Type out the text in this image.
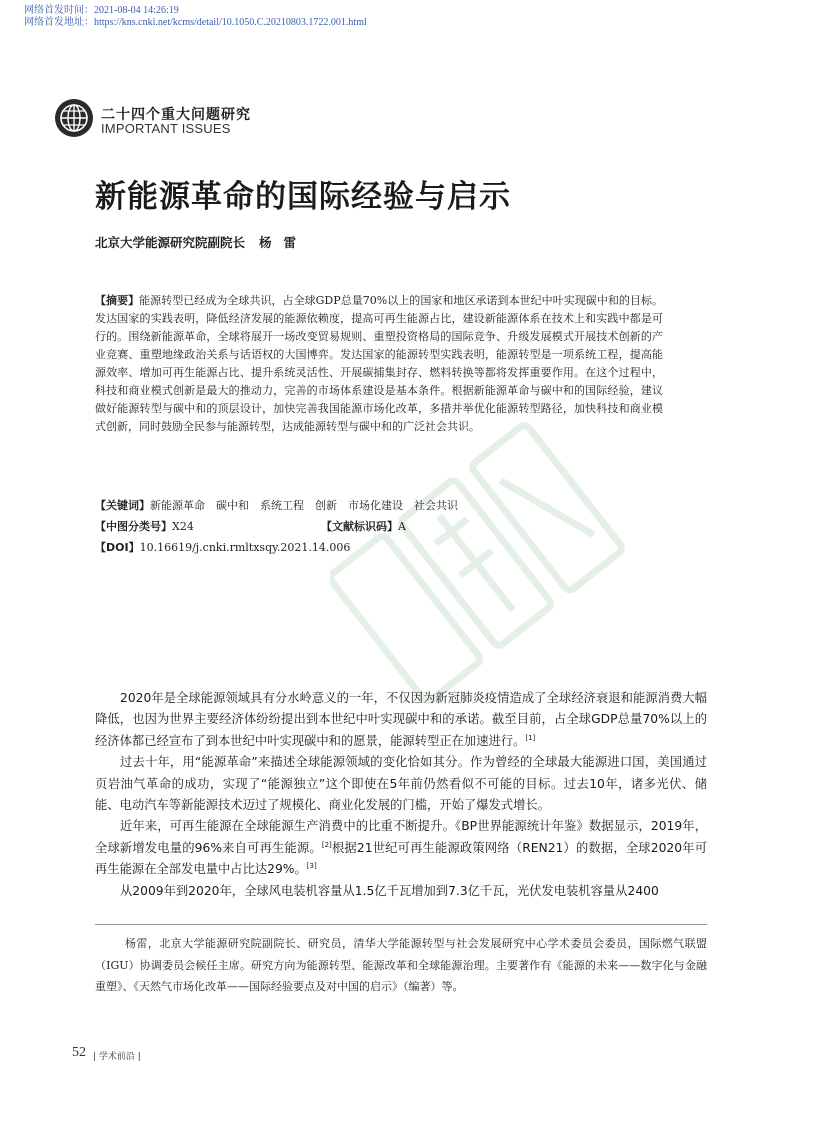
网络首发时间：2021-08-04 14:26:19
网络首发地址：https://kns.cnki.net/kcms/detail/10.1050.C.20210803.1722.001.html
二十四个重大问题研究
IMPORTANT ISSUES
新能源革命的国际经验与启示
北京大学能源研究院副院长 杨雷

【摘要】能源转型已经成为全球共识，占全球GDP总量70%以上的国家和地区承诺到本世纪中叶实现碳中和的目标。发达国家的实践表明，降低经济发展的能源依赖度，提高可再生能源占比，建设新能源体系在技术上和实践中都是可行的。围绕新能源革命，全球将展开一场改变贸易规则、重塑投资格局的国际竞争、升级发展模式开展技术创新的产业竞赛、重塑地缘政治关系与话语权的大国博弈。发达国家的能源转型实践表明，能源转型是一项系统工程，提高能源效率、增加可再生能源占比、提升系统灵活性、开展碳捕集封存、燃料转换等都将发挥重要作用。在这个过程中，科技和商业模式创新是最大的推动力，完善的市场体系建设是基本条件。根据新能源革命与碳中和的国际经验，建议做好能源转型与碳中和的顶层设计，加快完善我国能源市场化改革，多措并举优化能源转型路径，加快科技和商业模式创新，同时鼓励全民参与能源转型，达成能源转型与碳中和的广泛社会共识。

【关键词】新能源革命　碳中和　系统工程　创新　市场化建设　社会共识
【中图分类号】X24	【文献标识码】A
【DOI】10.16619/j.cnki.rmltxsqy.2021.14.006

2020年是全球能源领域具有分水岭意义的一年，不仅因为新冠肺炎疫情造成了全球经济衰退和能源消费大幅降低，也因为世界主要经济体纷纷提出到本世纪中叶实现碳中和的承诺。截至目前，占全球GDP总量70%以上的经济体都已经宣布了到本世纪中叶实现碳中和的愿景，能源转型正在加速进行。[1]

过去十年，用“能源革命”来描述全球能源领域的变化恰如其分。作为曾经的全球最大能源进口国，美国通过页岩油气革命的成功，实现了“能源独立”这个即使在5年前仍然看似不可能的目标。过去10年，诸多光伏、储能、电动汽车等新能源技术迈过了规模化、商业化发展的门槛，开始了爆发式增长。

近年来，可再生能源在全球能源生产消费中的比重不断提升。《BP世界能源统计年鉴》数据显示，2019年，全球新增发电量的96%来自可再生能源。[2]根据21世纪可再生能源政策网络（REN21）的数据，全球2020年可再生能源在全部发电量中占比达29%。[3]

从2009年到2020年，全球风电装机容量从1.5亿千瓦增加到7.3亿千瓦，光伏发电装机容量从2400

杨雷，北京大学能源研究院副院长、研究员，清华大学能源转型与社会发展研究中心学术委员会委员，国际燃气联盟（IGU）协调委员会候任主席。研究方向为能源转型、能源改革和全球能源治理。主要著作有《能源的未来——数字化与金融重塑》、《天然气市场化改革——国际经验要点及对中国的启示》（编著）等。

52 | 学术前沿 |
